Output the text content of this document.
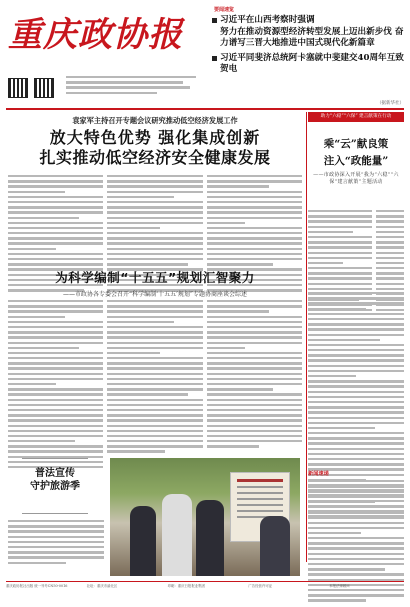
重庆政协报
要闻速览
习近平在山西考察时强调
努力在推动资源型经济转型发展上迈出新步伐 奋力谱写三晋大地推进中国式现代化新篇章
习近平同斐济总统阿卡塞就中斐建交40周年互致贺电
（据新华社）
袁家军主持召开专题会议研究推动低空经济发展工作
放大特色优势 强化集成创新
扎实推动低空经济安全健康发展
为科学编制“十五五”规划汇智聚力
——市政协各专委会召开“科学编制‘十五五’规划”专题协商座谈会综述
普法宣传
守护旅游季
助力“六稳”“六保” 建言献策在行动
乘“云”献良策
注入“政能量”
——市政协深入开展“我为“六稳”“六保”建言献策”主题活动
新闻速递
重庆政协报社出版 统一刊号CN50-0016	社址：重庆市渝北区	印刷：重庆日报报业集团	广告经营许可证	本报法律顾问
